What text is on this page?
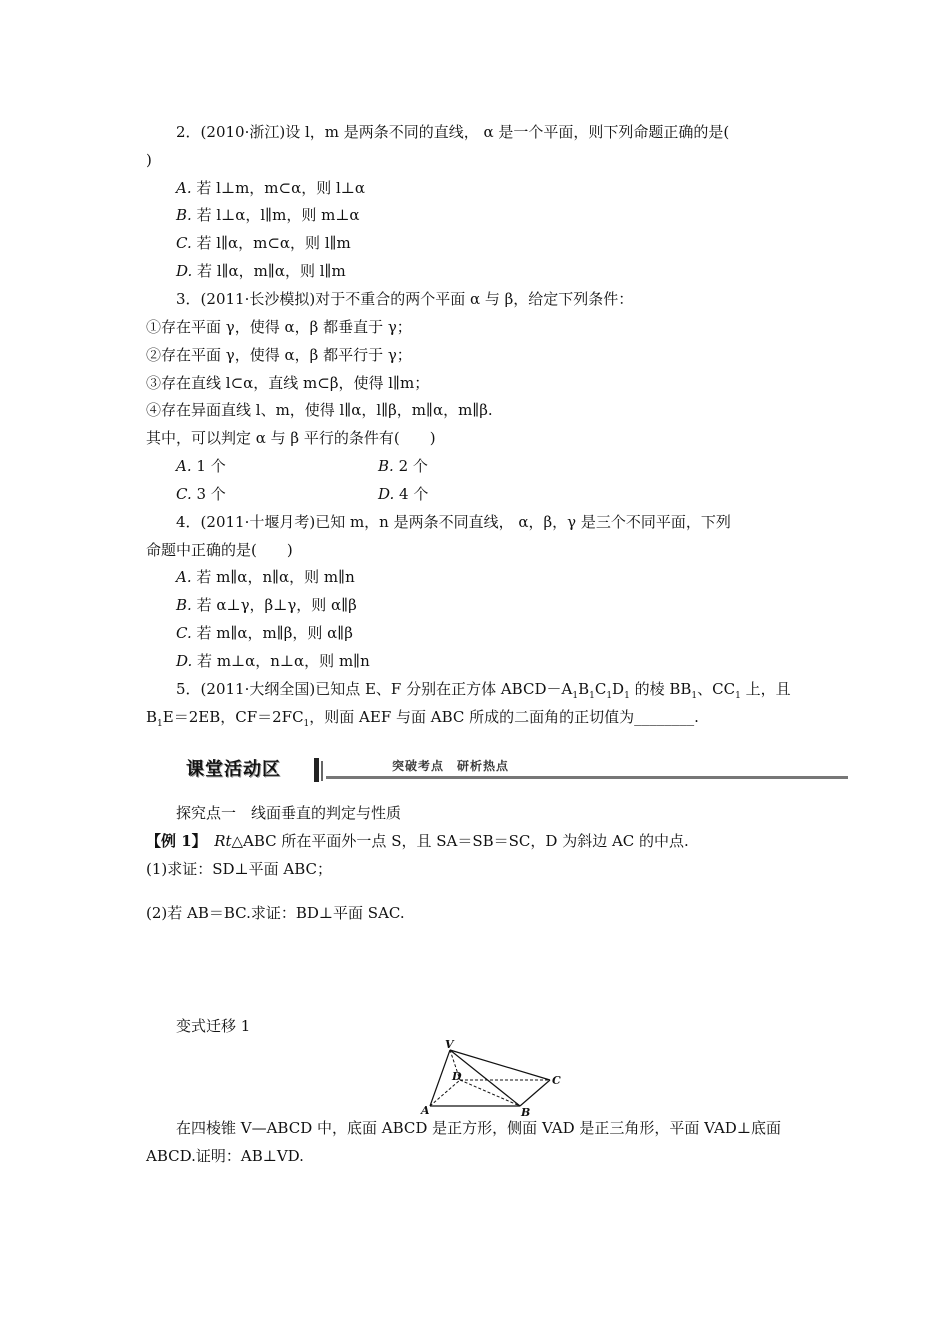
2．(2010·浙江)设 l，m 是两条不同的直线， α 是一个平面，则下列命题正确的是(
)
A. 若 l⊥m，m⊂α，则 l⊥α
B. 若 l⊥α，l∥m，则 m⊥α
C. 若 l∥α，m⊂α，则 l∥m
D. 若 l∥α，m∥α，则 l∥m
3．(2011·长沙模拟)对于不重合的两个平面 α 与 β，给定下列条件：
①存在平面 γ，使得 α，β 都垂直于 γ；
②存在平面 γ，使得 α，β 都平行于 γ；
③存在直线 l⊂α，直线 m⊂β，使得 l∥m；
④存在异面直线 l、m，使得 l∥α，l∥β，m∥α，m∥β.
其中，可以判定 α 与 β 平行的条件有(　　)
A. 1 个	B. 2 个
C. 3 个	D. 4 个
4．(2011·十堰月考)已知 m，n 是两条不同直线， α，β，γ 是三个不同平面，下列
命题中正确的是(　　)
A. 若 m∥α，n∥α，则 m∥n
B. 若 α⊥γ，β⊥γ，则 α∥β
C. 若 m∥α，m∥β，则 α∥β
D. 若 m⊥α，n⊥α，则 m∥n
5．(2011·大纲全国)已知点 E、F 分别在正方体 $ABCD-A_1B_1C_1D_1$ 的棱 $BB_1$、$CC_1$ 上，且
$B_1E=2EB$，$CF=2FC_1$，则面 AEF 与面 ABC 所成的二面角的正切值为________.
课堂活动区	突破考点　研析热点
探究点一　线面垂直的判定与性质
【例 1】　 Rt△ABC 所在平面外一点 S，且 SA＝SB＝SC，D 为斜边 AC 的中点.
(1)求证：SD⊥平面 ABC；
(2)若 AB＝BC.求证：BD⊥平面 SAC.
变式迁移 1
V
D	C
A	B
在四棱锥 V—ABCD 中，底面 ABCD 是正方形，侧面 VAD 是正三角形，平面 VAD⊥底面
ABCD.证明：AB⊥VD.
